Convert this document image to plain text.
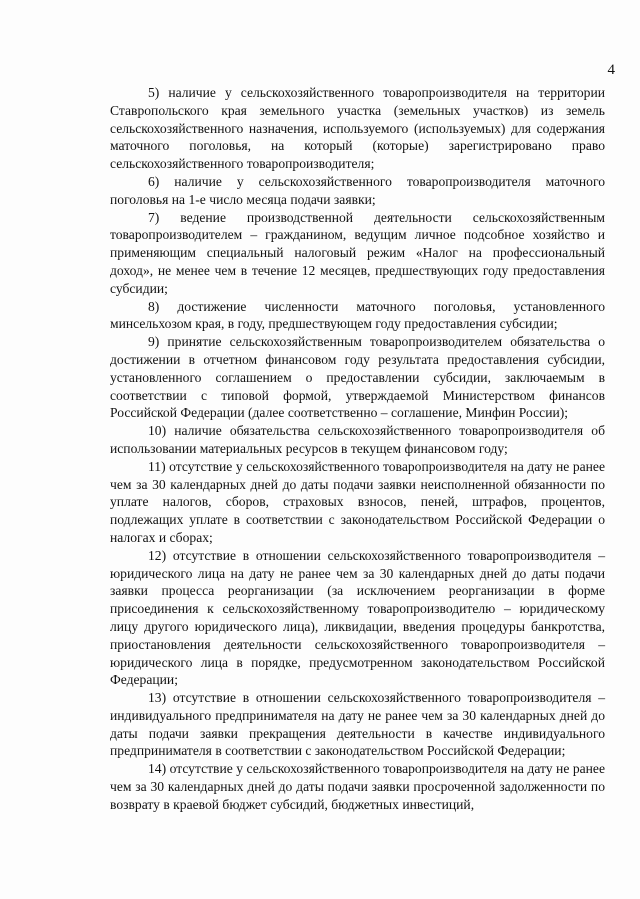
4

5) наличие у сельскохозяйственного товаропроизводителя на территории Ставропольского края земельного участка (земельных участков) из земель сельскохозяйственного назначения, используемого (используемых) для содержания маточного поголовья, на который (которые) зарегистрировано право сельскохозяйственного товаропроизводителя;

6) наличие у сельскохозяйственного товаропроизводителя маточного поголовья на 1-е число месяца подачи заявки;

7) ведение производственной деятельности сельскохозяйственным товаропроизводителем – гражданином, ведущим личное подсобное хозяйство и применяющим специальный налоговый режим «Налог на профессиональный доход», не менее чем в течение 12 месяцев, предшествующих году предоставления субсидии;

8) достижение численности маточного поголовья, установленного минсельхозом края, в году, предшествующем году предоставления субсидии;

9) принятие сельскохозяйственным товаропроизводителем обязательства о достижении в отчетном финансовом году результата предоставления субсидии, установленного соглашением о предоставлении субсидии, заключаемым в соответствии с типовой формой, утверждаемой Министерством финансов Российской Федерации (далее соответственно – соглашение, Минфин России);

10) наличие обязательства сельскохозяйственного товаропроизводителя об использовании материальных ресурсов в текущем финансовом году;

11) отсутствие у сельскохозяйственного товаропроизводителя на дату не ранее чем за 30 календарных дней до даты подачи заявки неисполненной обязанности по уплате налогов, сборов, страховых взносов, пеней, штрафов, процентов, подлежащих уплате в соответствии с законодательством Российской Федерации о налогах и сборах;

12) отсутствие в отношении сельскохозяйственного товаропроизводителя – юридического лица на дату не ранее чем за 30 календарных дней до даты подачи заявки процесса реорганизации (за исключением реорганизации в форме присоединения к сельскохозяйственному товаропроизводителю – юридическому лицу другого юридического лица), ликвидации, введения процедуры банкротства, приостановления деятельности сельскохозяйственного товаропроизводителя – юридического лица в порядке, предусмотренном законодательством Российской Федерации;

13) отсутствие в отношении сельскохозяйственного товаропроизводителя – индивидуального предпринимателя на дату не ранее чем за 30 календарных дней до даты подачи заявки прекращения деятельности в качестве индивидуального предпринимателя в соответствии с законодательством Российской Федерации;

14) отсутствие у сельскохозяйственного товаропроизводителя на дату не ранее чем за 30 календарных дней до даты подачи заявки просроченной задолженности по возврату в краевой бюджет субсидий, бюджетных инвестиций,
